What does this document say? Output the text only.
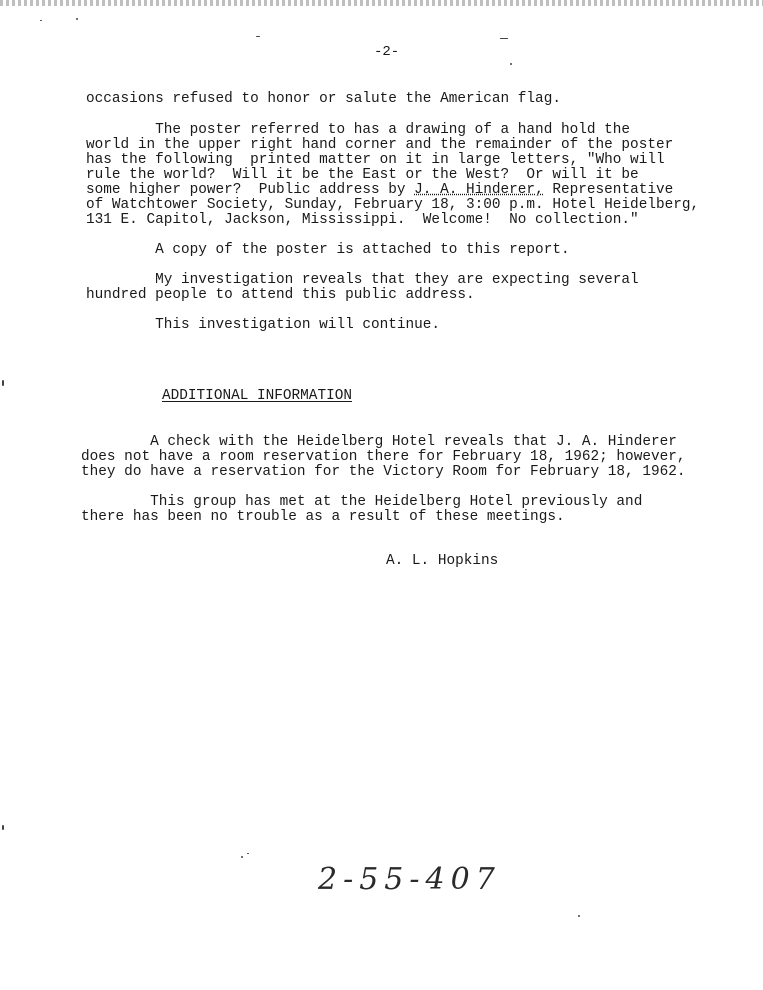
-2-
occasions refused to honor or salute the American flag.
The poster referred to has a drawing of a hand hold the
world in the upper right hand corner and the remainder of the poster
has the following  printed matter on it in large letters, "Who will
rule the world?  Will it be the East or the West?  Or will it be
some higher power?  Public address by J. A. Hinderer, Representative
of Watchtower Society, Sunday, February 18, 3:00 p.m. Hotel Heidelberg,
131 E. Capitol, Jackson, Mississippi.  Welcome!  No collection."
A copy of the poster is attached to this report.
My investigation reveals that they are expecting several
hundred people to attend this public address.
This investigation will continue.
ADDITIONAL INFORMATION
A check with the Heidelberg Hotel reveals that J. A. Hinderer
does not have a room reservation there for February 18, 1962; however,
they do have a reservation for the Victory Room for February 18, 1962.
This group has met at the Heidelberg Hotel previously and
there has been no trouble as a result of these meetings.
A. L. Hopkins
2-55-407
